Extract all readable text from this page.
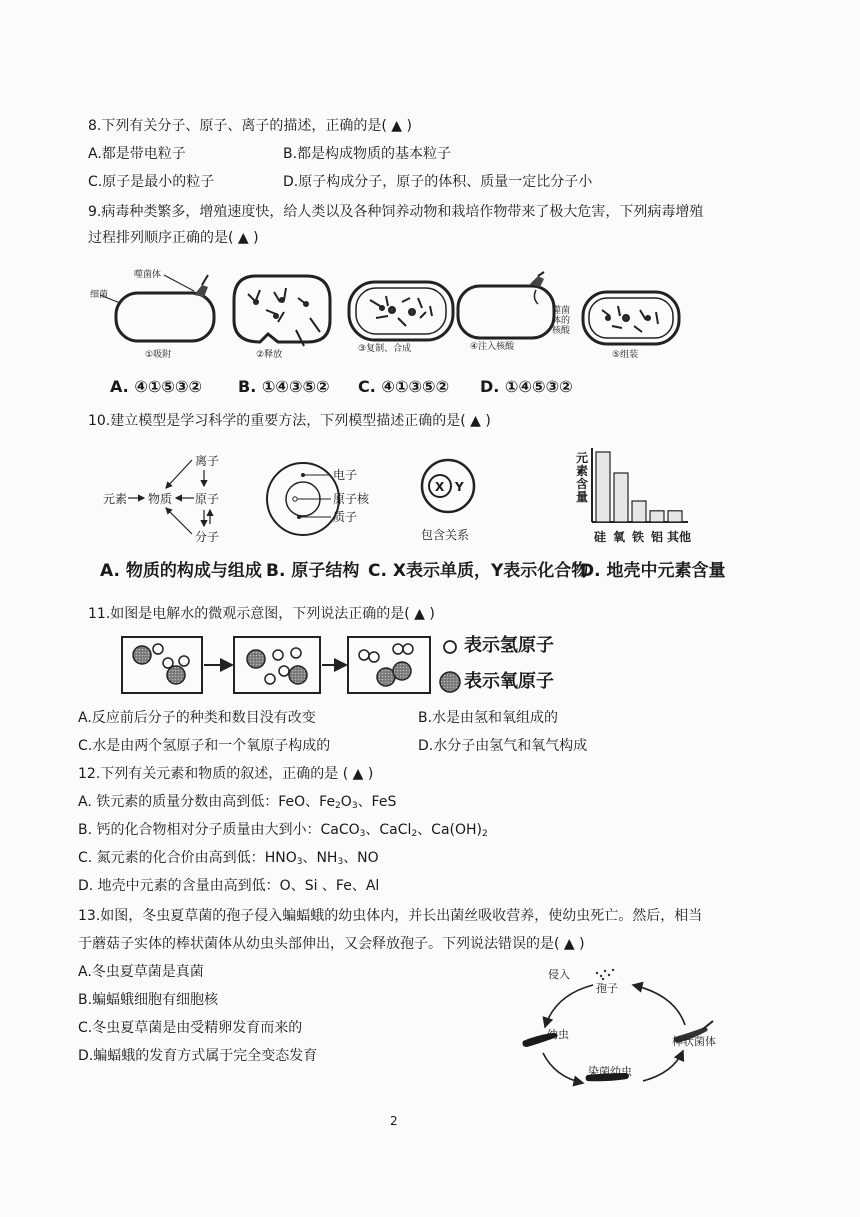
8.下列有关分子、原子、离子的描述，正确的是( ▲ )
A.都是带电粒子	B.都是构成物质的基本粒子
C.原子是最小的粒子	D.原子构成分子，原子的体积、质量一定比分子小
9.病毒种类繁多，增殖速度快，给人类以及各种饲养动物和栽培作物带来了极大危害，下列病毒增殖
过程排列顺序正确的是( ▲ )
细菌
噬菌体
①吸附	②释放
③复制、合成	④注入核酸
噬菌体的核酸
⑤组装
A. ④①⑤③② B. ①④③⑤② C. ④①③⑤② D. ①④⑤③②
10.建立模型是学习科学的重要方法，下列模型描述正确的是( ▲ )
元素 物质
离子
原子
分子
电子
原子核
质子
X Y
包含关系
元素含量
硅 氧 铁 铝 其他
A. 物质的构成与组成 B. 原子结构 C. X表示单质，Y表示化合物
D. 地壳中元素含量
11.如图是电解水的微观示意图，下列说法正确的是( ▲ )
表示氢原子
表示氧原子
A.反应前后分子的种类和数目没有改变	B.水是由氢和氧组成的
C.水是由两个氢原子和一个氧原子构成的	D.水分子由氢气和氧气构成
12.下列有关元素和物质的叙述，正确的是 ( ▲ )
A. 铁元素的质量分数由高到低：FeO、$Fe_2O_3$、FeS
B. 钙的化合物相对分子质量由大到小：CaCO$_3$、CaCl$_2$、$Ca(OH)_2$
C. 氮元素的化合价由高到低：$HNO_3$、$NH_3$、NO
D. 地壳中元素的含量由高到低：O、Si 、Fe、Al
13.如图，冬虫夏草菌的孢子侵入蝙蝠蛾的幼虫体内，并长出菌丝吸收营养，使幼虫死亡。然后，相当
于蘑菇子实体的棒状菌体从幼虫头部伸出，又会释放孢子。下列说法错误的是( ▲ )
A.冬虫夏草菌是真菌
B.蝙蝠蛾细胞有细胞核
C.冬虫夏草菌是由受精卵发育而来的
D.蝙蝠蛾的发育方式属于完全变态发育
侵入
孢子
幼虫
棒状菌体
染菌幼虫
2
